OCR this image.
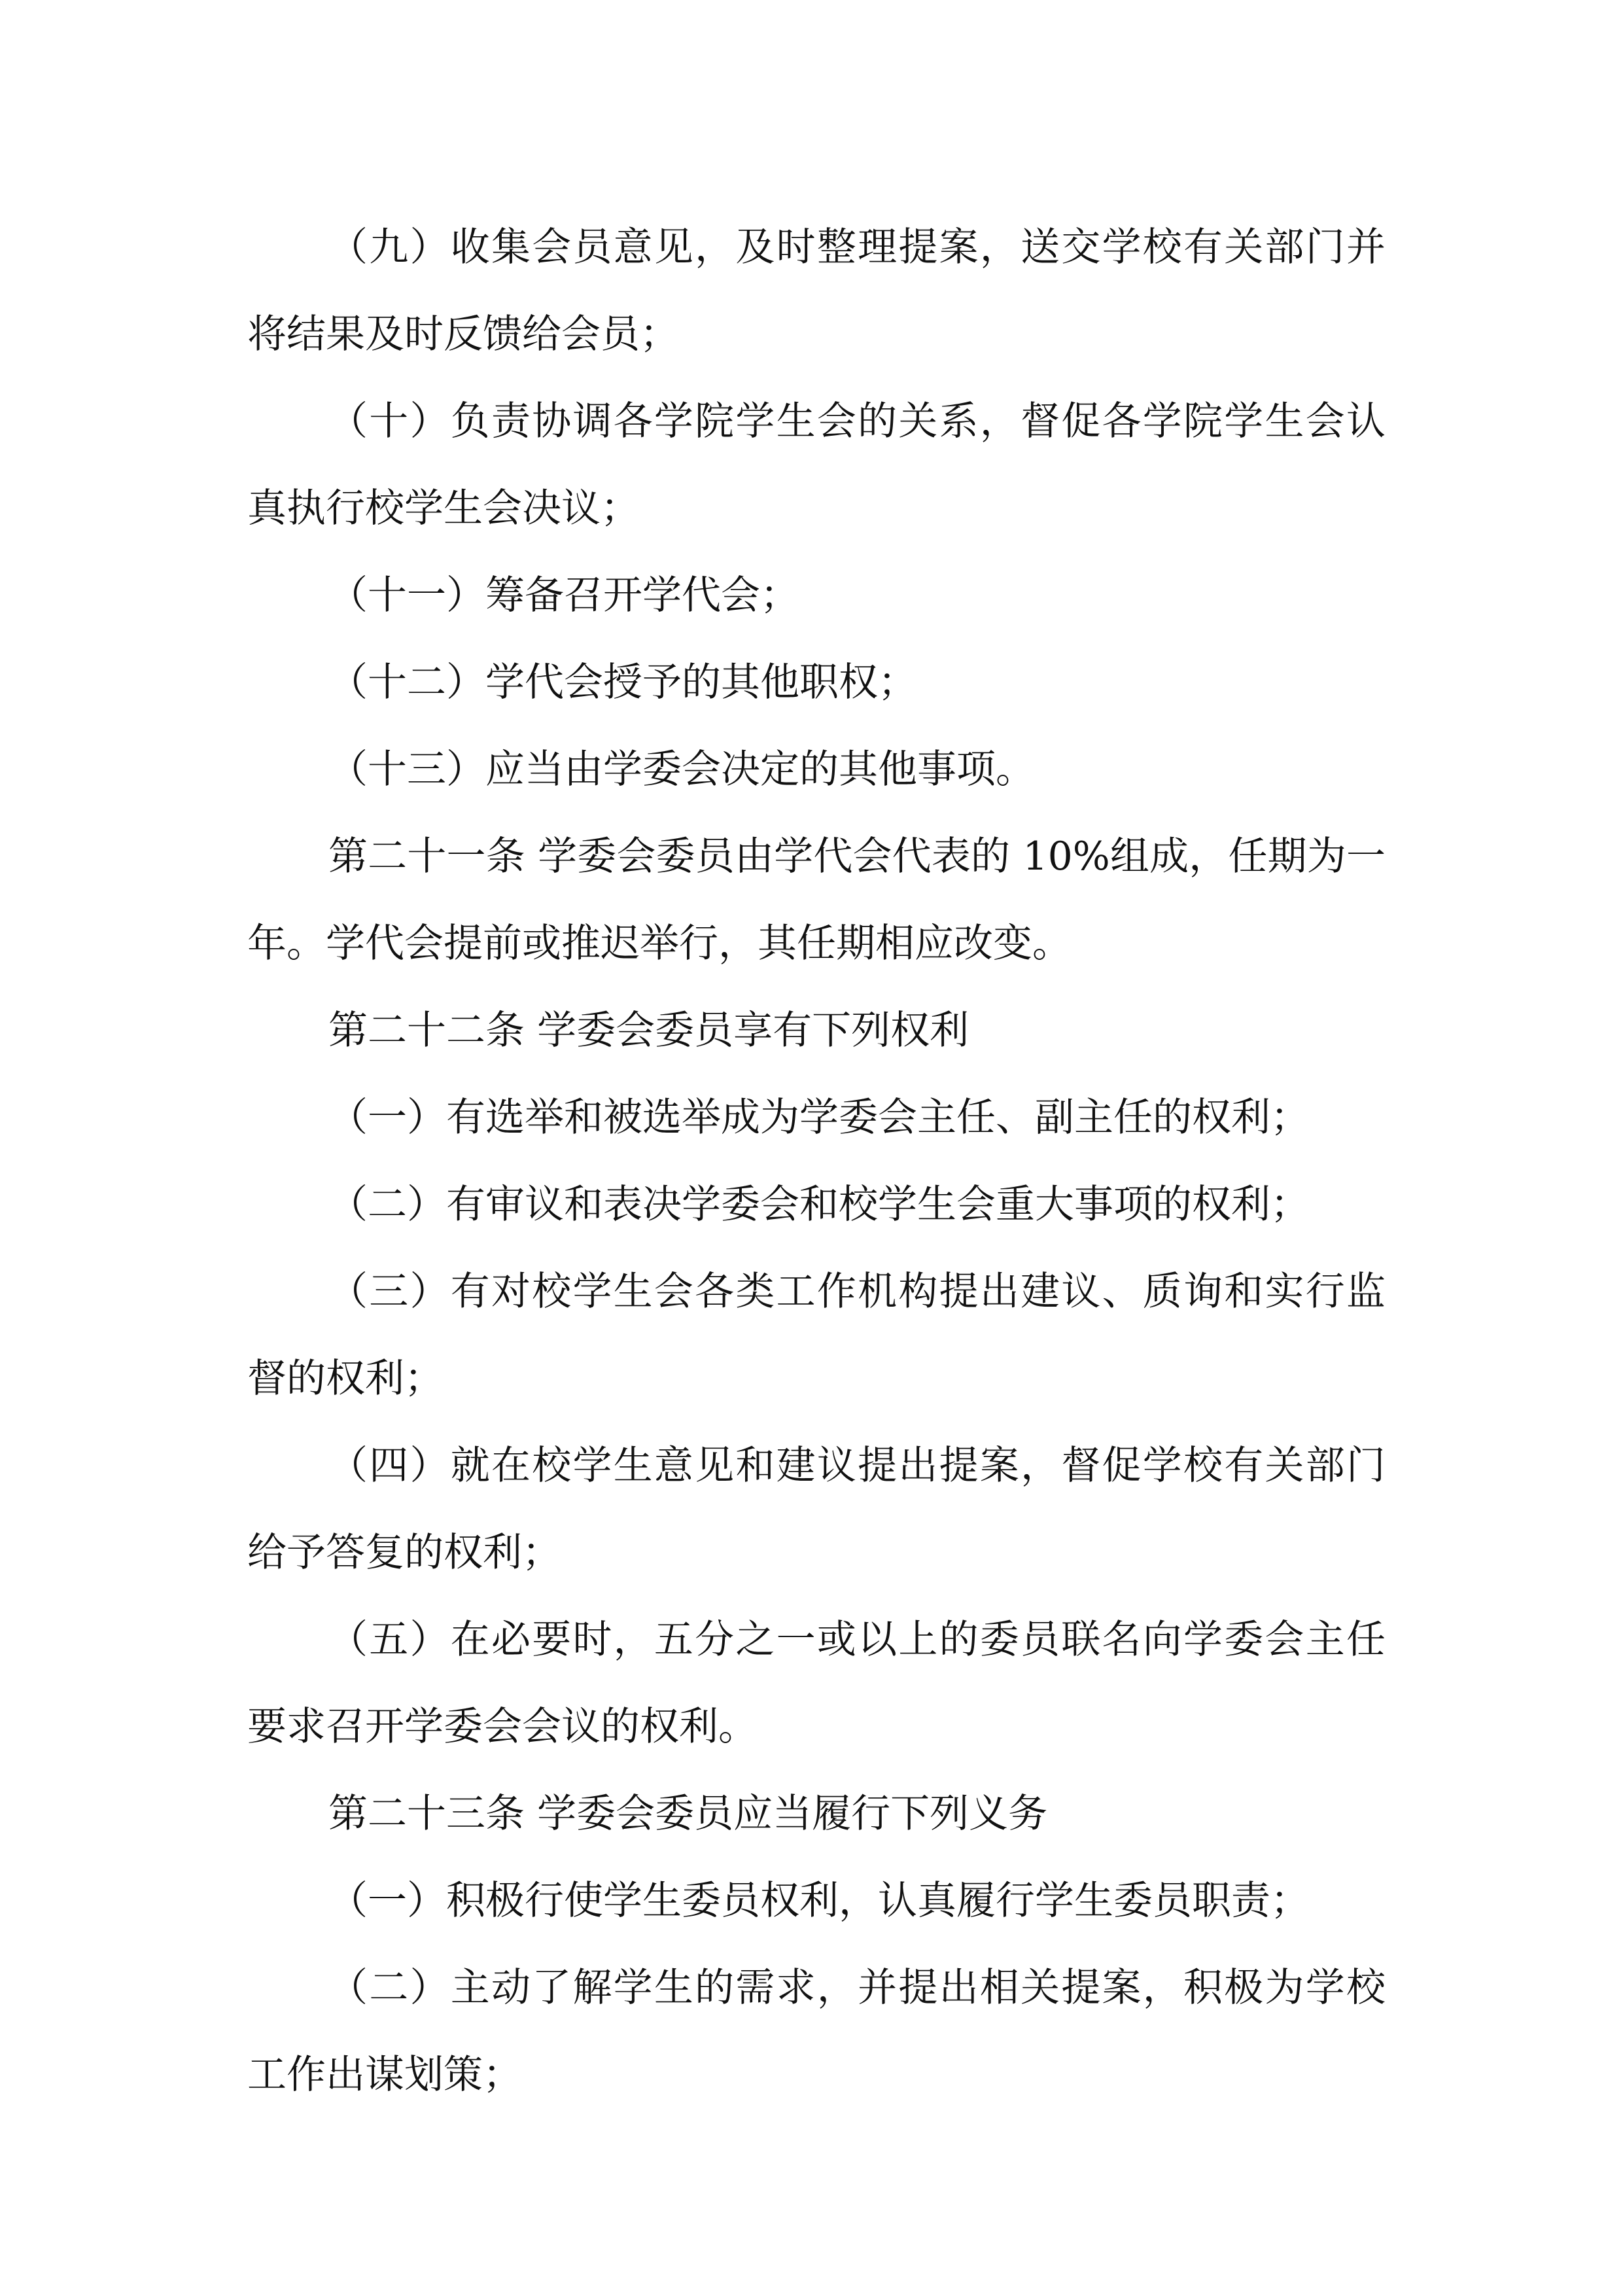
（九）收集会员意见，及时整理提案，送交学校有关部门并将结果及时反馈给会员；

（十）负责协调各学院学生会的关系，督促各学院学生会认真执行校学生会决议；

（十一）筹备召开学代会；

（十二）学代会授予的其他职权；

（十三）应当由学委会决定的其他事项。

第二十一条 学委会委员由学代会代表的 10%组成，任期为一年。学代会提前或推迟举行，其任期相应改变。

第二十二条 学委会委员享有下列权利

（一）有选举和被选举成为学委会主任、副主任的权利；

（二）有审议和表决学委会和校学生会重大事项的权利；

（三）有对校学生会各类工作机构提出建议、质询和实行监督的权利；

（四）就在校学生意见和建议提出提案，督促学校有关部门给予答复的权利；

（五）在必要时，五分之一或以上的委员联名向学委会主任要求召开学委会会议的权利。

第二十三条 学委会委员应当履行下列义务

（一）积极行使学生委员权利，认真履行学生委员职责；

（二）主动了解学生的需求，并提出相关提案，积极为学校工作出谋划策；
